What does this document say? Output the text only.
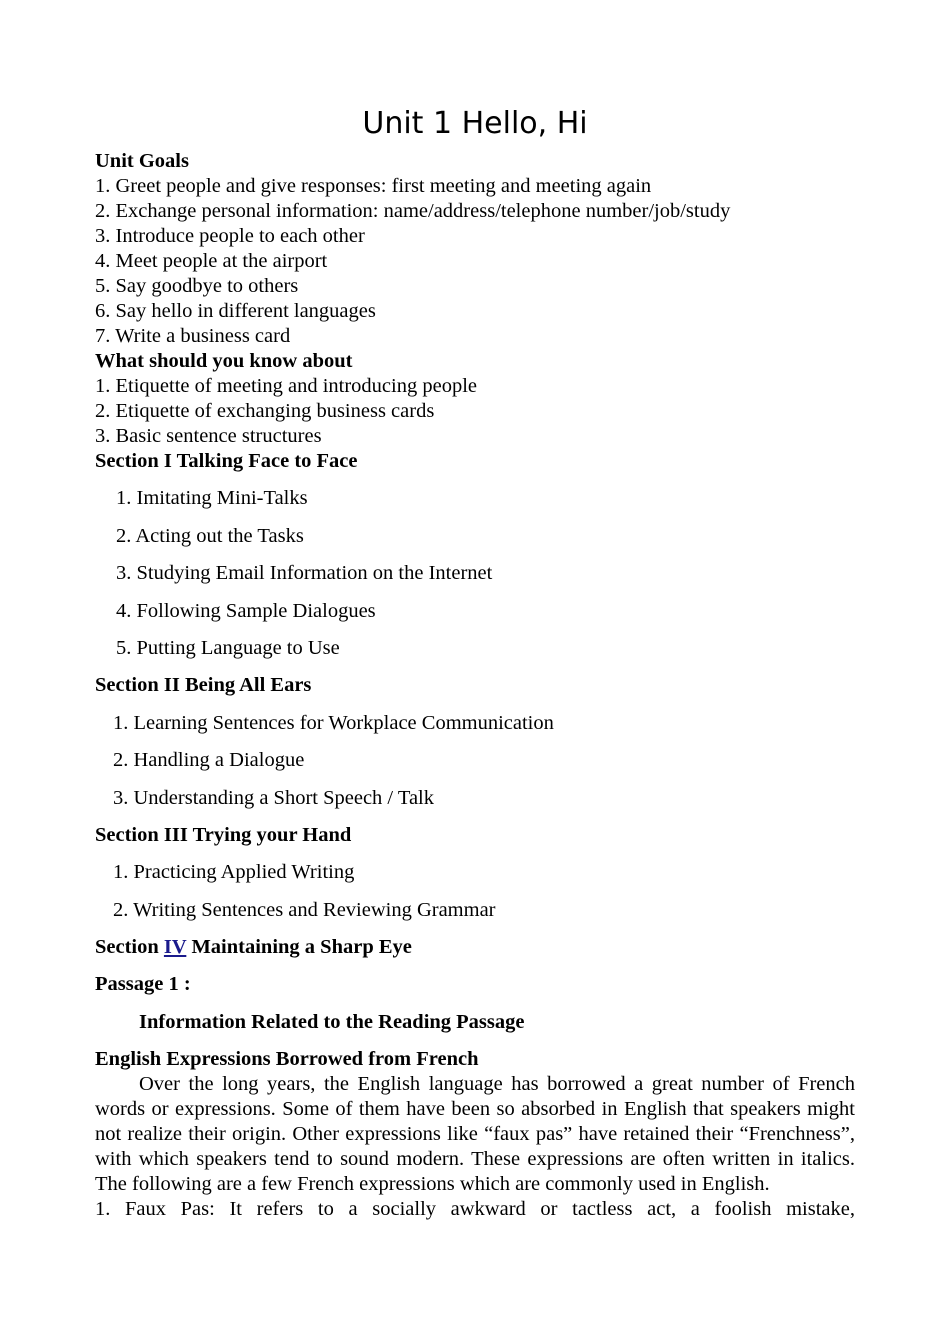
Unit 1 Hello, Hi
Unit Goals
1. Greet people and give responses: first meeting and meeting again
2. Exchange personal information: name/address/telephone number/job/study
3. Introduce people to each other
4. Meet people at the airport
5. Say goodbye to others
6. Say hello in different languages
7. Write a business card
What should you know about
1. Etiquette of meeting and introducing people
2. Etiquette of exchanging business cards
3. Basic sentence structures
Section I Talking Face to Face
1. Imitating Mini-Talks
2. Acting out the Tasks
3. Studying Email Information on the Internet
4. Following Sample Dialogues
5. Putting Language to Use
Section II Being All Ears
1. Learning Sentences for Workplace Communication
2. Handling a Dialogue
3. Understanding a Short Speech / Talk
Section III Trying your Hand
1. Practicing Applied Writing
2. Writing Sentences and Reviewing Grammar
Section IV Maintaining a Sharp Eye
Passage 1 :
Information Related to the Reading Passage
English Expressions Borrowed from French
Over the long years, the English language has borrowed a great number of French words or expressions. Some of them have been so absorbed in English that speakers might not realize their origin. Other expressions like “faux pas” have retained their “Frenchness”, with which speakers tend to sound modern. These expressions are often written in italics. The following are a few French expressions which are commonly used in English.
1. Faux Pas: It refers to a socially awkward or tactless act, a foolish mistake,
